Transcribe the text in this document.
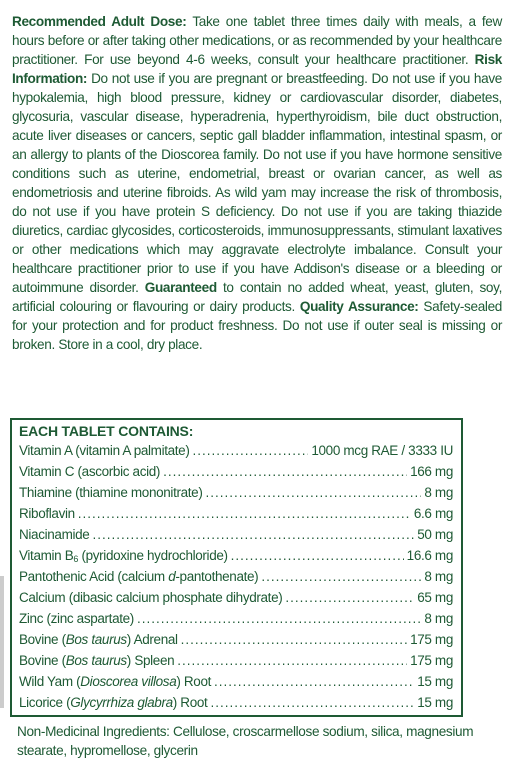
Recommended Adult Dose: Take one tablet three times daily with meals, a few hours before or after taking other medications, or as recommended by your healthcare practitioner. For use beyond 4-6 weeks, consult your healthcare practitioner. Risk Information: Do not use if you are pregnant or breastfeeding. Do not use if you have hypokalemia, high blood pressure, kidney or cardiovascular disorder, diabetes, glycosuria, vascular disease, hyperadrenia, hyperthyroidism, bile duct obstruction, acute liver diseases or cancers, septic gall bladder inflammation, intestinal spasm, or an allergy to plants of the Dioscorea family. Do not use if you have hormone sensitive conditions such as uterine, endometrial, breast or ovarian cancer, as well as endometriosis and uterine fibroids. As wild yam may increase the risk of thrombosis, do not use if you have protein S deficiency. Do not use if you are taking thiazide diuretics, cardiac glycosides, corticosteroids, immunosuppressants, stimulant laxatives or other medications which may aggravate electrolyte imbalance. Consult your healthcare practitioner prior to use if you have Addison's disease or a bleeding or autoimmune disorder. Guaranteed to contain no added wheat, yeast, gluten, soy, artificial colouring or flavouring or dairy products. Quality Assurance: Safety-sealed for your protection and for product freshness. Do not use if outer seal is missing or broken. Store in a cool, dry place.
EACH TABLET CONTAINS:
Vitamin A (vitamin A palmitate) .....	1000 mcg RAE / 3333 IU
Vitamin C (ascorbic acid) .....	166 mg
Thiamine (thiamine mononitrate) .....	8 mg
Riboflavin .....	6.6 mg
Niacinamide .....	50 mg
Vitamin $B_6$ (pyridoxine hydrochloride) .....	16.6 mg
Pantothenic Acid (calcium d-pantothenate) .....	8 mg
Calcium (dibasic calcium phosphate dihydrate) .....	65 mg
Zinc (zinc aspartate) .....	8 mg
Bovine (Bos taurus) Adrenal .....	175 mg
Bovine (Bos taurus) Spleen .....	175 mg
Wild Yam (Dioscorea villosa) Root .....	15 mg
Licorice (Glycyrrhiza glabra) Root .....	15 mg
Non-Medicinal Ingredients: Cellulose, croscarmellose sodium, silica, magnesium stearate, hypromellose, glycerin
